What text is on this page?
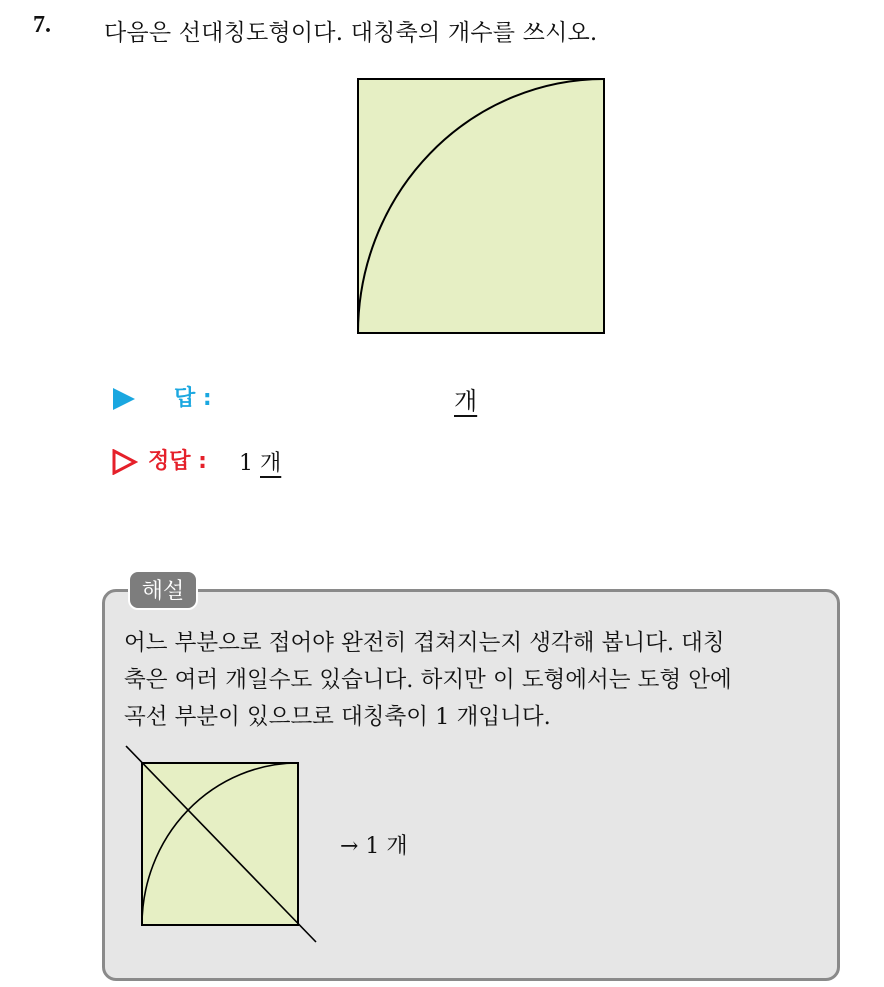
7. 다음은 선대칭도형이다. 대칭축의 개수를 쓰시오.
답 :	개
정답 : 1 개
해설
어느 부분으로 접어야 완전히 겹쳐지는지 생각해 봅니다. 대칭
축은 여러 개일수도 있습니다. 하지만 이 도형에서는 도형 안에
곡선 부분이 있으므로 대칭축이 1 개입니다.
→ 1 개
